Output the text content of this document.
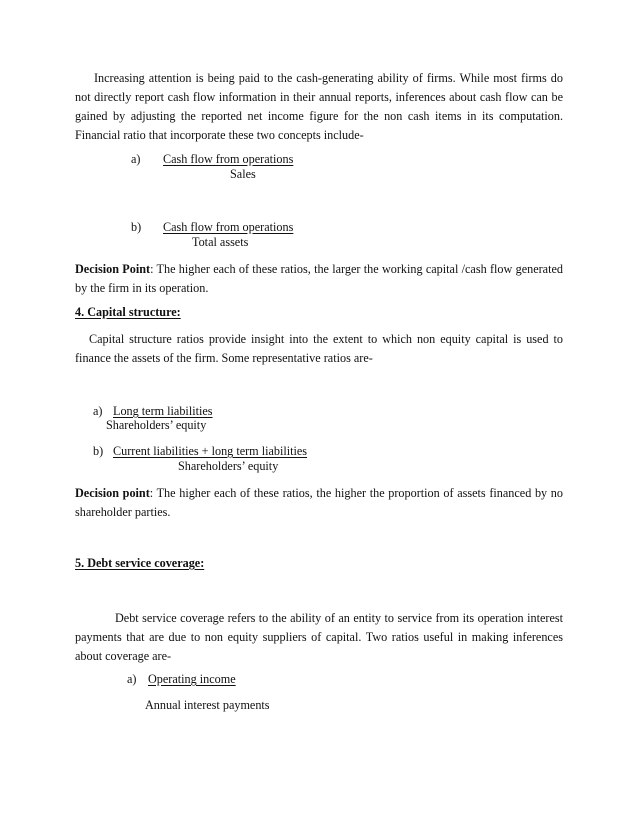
Increasing attention is being paid to the cash-generating ability of firms. While most firms do not directly report cash flow information in their annual reports, inferences about cash flow can be gained by adjusting the reported net income figure for the non cash items in its computation. Financial ratio that incorporate these two concepts include-

a) Cash flow from operations
Sales
b) Cash flow from operations
Total assets

Decision Point: The higher each of these ratios, the larger the working capital /cash flow generated by the firm in its operation.

4. Capital structure:

Capital structure ratios provide insight into the extent to which non equity capital is used to finance the assets of the firm. Some representative ratios are-

a) Long term liabilities
Shareholders’ equity
b) Current liabilities + long term liabilities
Shareholders’ equity

Decision point: The higher each of these ratios, the higher the proportion of assets financed by no shareholder parties.

5. Debt service coverage:

Debt service coverage refers to the ability of an entity to service from its operation interest payments that are due to non equity suppliers of capital. Two ratios useful in making inferences about coverage are-

a) Operating income
Annual interest payments
